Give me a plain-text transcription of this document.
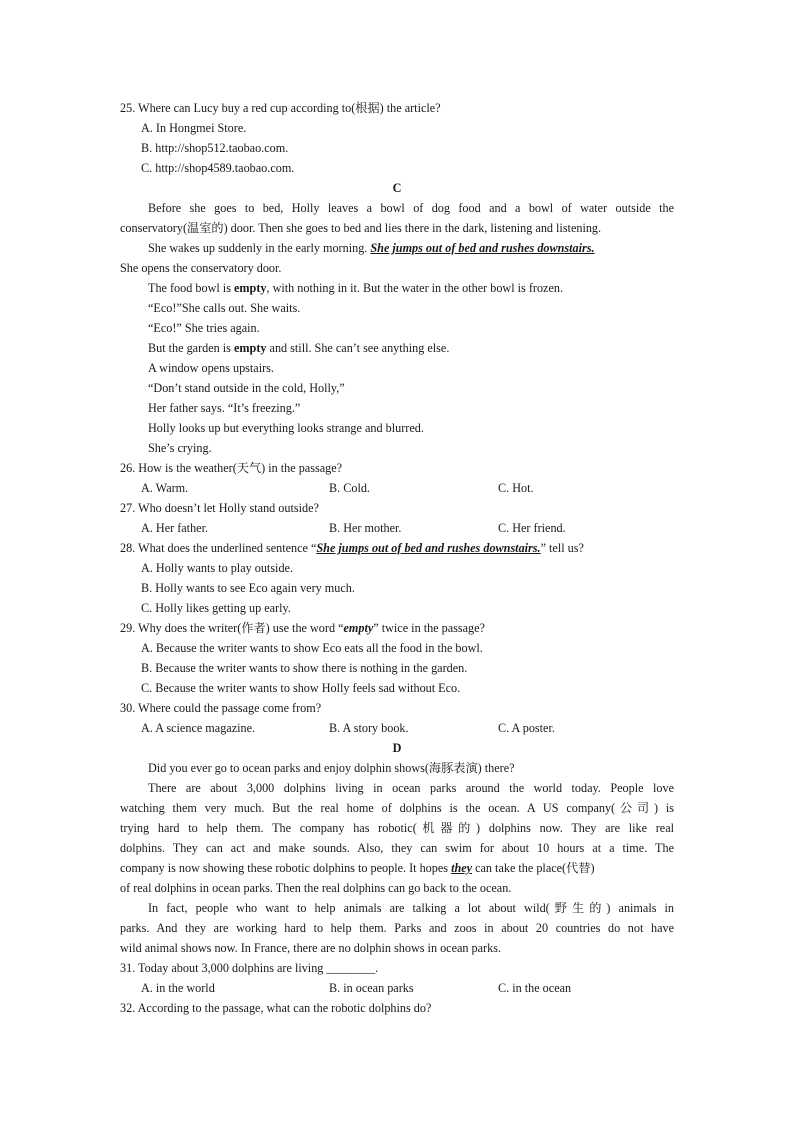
25. Where can Lucy buy a red cup according to(根据) the article?
A. In Hongmei Store.
B. http://shop512.taobao.com.
C. http://shop4589.taobao.com.
C
Before she goes to bed, Holly leaves a bowl of dog food and a bowl of water outside the
conservatory(温室的) door. Then she goes to bed and lies there in the dark, listening and listening.
She wakes up suddenly in the early morning. She jumps out of bed and rushes downstairs.
She opens the conservatory door.
The food bowl is empty, with nothing in it. But the water in the other bowl is frozen.
“Eco!”She calls out. She waits.
“Eco!” She tries again.
But the garden is empty and still. She can’t see anything else.
A window opens upstairs.
“Don’t stand outside in the cold, Holly,”
Her father says. “It’s freezing.”
Holly looks up but everything looks strange and blurred.
She’s crying.
26. How is the weather(天气) in the passage?
A. Warm.	B. Cold.	C. Hot.
27. Who doesn’t let Holly stand outside?
A. Her father.	B. Her mother.	C. Her friend.
28. What does the underlined sentence “She jumps out of bed and rushes downstairs.” tell us?
A. Holly wants to play outside.
B. Holly wants to see Eco again very much.
C. Holly likes getting up early.
29. Why does the writer(作者) use the word “empty” twice in the passage?
A. Because the writer wants to show Eco eats all the food in the bowl.
B. Because the writer wants to show there is nothing in the garden.
C. Because the writer wants to show Holly feels sad without Eco.
30. Where could the passage come from?
A. A science magazine.	B. A story book.	C. A poster.
D
Did you ever go to ocean parks and enjoy dolphin shows(海豚表演) there?
There are about 3,000 dolphins living in ocean parks around the world today. People love
watching them very much. But the real home of dolphins is the ocean. A US company(公司) is
trying hard to help them. The company has robotic(机器的) dolphins now. They are like real
dolphins. They can act and make sounds. Also, they can swim for about 10 hours at a time. The
company is now showing these robotic dolphins to people. It hopes they can take the place(代替)
of real dolphins in ocean parks. Then the real dolphins can go back to the ocean.
In fact, people who want to help animals are talking a lot about wild(野生的) animals in
parks. And they are working hard to help them. Parks and zoos in about 20 countries do not have
wild animal shows now. In France, there are no dolphin shows in ocean parks.
31. Today about 3,000 dolphins are living ________.
A. in the world	B. in ocean parks	C. in the ocean
32. According to the passage, what can the robotic dolphins do?
